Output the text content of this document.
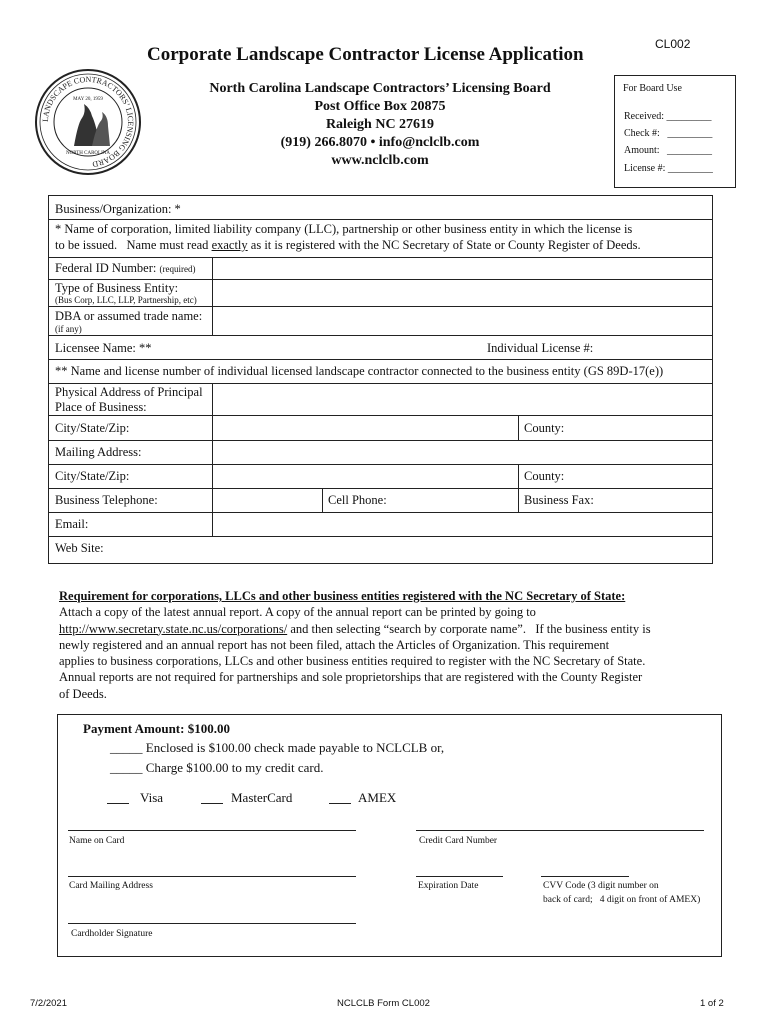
CL002
Corporate Landscape Contractor License Application
LANDSCAPE CONTRACTORS’ LICENSING BOARD
MAY 20, 1959
NORTH CAROLINA
North Carolina Landscape Contractors’ Licensing Board
Post Office Box 20875
Raleigh NC 27619
(919) 266.8070 • info@nclclb.com
www.nclclb.com
For Board Use
Received: _________
Check #:   _________
Amount:   _________
License #: _________
Business/Organization: *
* Name of corporation, limited liability company (LLC), partnership or other business entity in which the license is
to be issued.   Name must read exactly as it is registered with the NC Secretary of State or County Register of Deeds.
Federal ID Number: (required)
Type of Business Entity:
(Bus Corp, LLC, LLP, Partnership, etc)
DBA or assumed trade name:
(if any)
Licensee Name: **	Individual License #:
** Name and license number of individual licensed landscape contractor connected to the business entity (GS 89D-17(e))
Physical Address of Principal
Place of Business:
City/State/Zip:	County:
Mailing Address:
City/State/Zip:	County:
Business Telephone:	Cell Phone:	Business Fax:
Email:
Web Site:
Requirement for corporations, LLCs and other business entities registered with the NC Secretary of State:
Attach a copy of the latest annual report. A copy of the annual report can be printed by going to
http://www.secretary.state.nc.us/corporations/ and then selecting “search by corporate name”.   If the business entity is
newly registered and an annual report has not been filed, attach the Articles of Organization. This requirement
applies to business corporations, LLCs and other business entities required to register with the NC Secretary of State.
Annual reports are not required for partnerships and sole proprietorships that are registered with the County Register
of Deeds.
Payment Amount: $100.00
_____ Enclosed is $100.00 check made payable to NCLCLB or,
_____ Charge $100.00 to my credit card.
Visa	MasterCard	AMEX
Name on Card	Credit Card Number
Card Mailing Address	Expiration Date	CVV Code (3 digit number on
back of card;   4 digit on front of AMEX)
Cardholder Signature
7/2/2021	NCLCLB Form CL002	1 of 2
